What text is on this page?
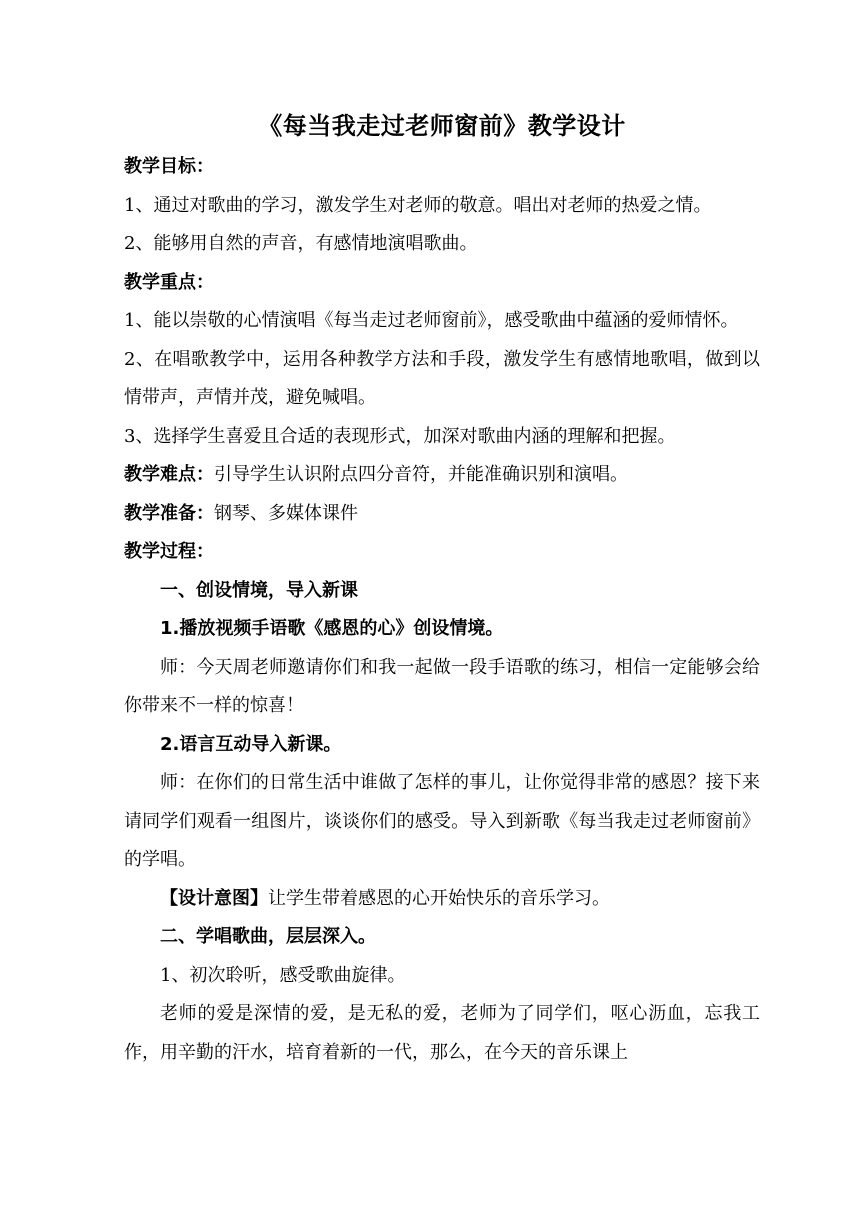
《每当我走过老师窗前》教学设计
教学目标：
1、通过对歌曲的学习，激发学生对老师的敬意。唱出对老师的热爱之情。
2、能够用自然的声音，有感情地演唱歌曲。
教学重点：
1、能以崇敬的心情演唱《每当走过老师窗前》，感受歌曲中蕴涵的爱师情怀。
2、在唱歌教学中，运用各种教学方法和手段，激发学生有感情地歌唱，做到以情带声，声情并茂，避免喊唱。
3、选择学生喜爱且合适的表现形式，加深对歌曲内涵的理解和把握。
教学难点：引导学生认识附点四分音符，并能准确识别和演唱。
教学准备：钢琴、多媒体课件
教学过程：
一、创设情境，导入新课
1.播放视频手语歌《感恩的心》创设情境。
师：今天周老师邀请你们和我一起做一段手语歌的练习，相信一定能够会给你带来不一样的惊喜！
2.语言互动导入新课。
师：在你们的日常生活中谁做了怎样的事儿，让你觉得非常的感恩？接下来请同学们观看一组图片，谈谈你们的感受。导入到新歌《每当我走过老师窗前》的学唱。
【设计意图】让学生带着感恩的心开始快乐的音乐学习。
二、学唱歌曲，层层深入。
1、初次聆听，感受歌曲旋律。
老师的爱是深情的爱，是无私的爱，老师为了同学们，呕心沥血，忘我工作，用辛勤的汗水，培育着新的一代，那么，在今天的音乐课上
